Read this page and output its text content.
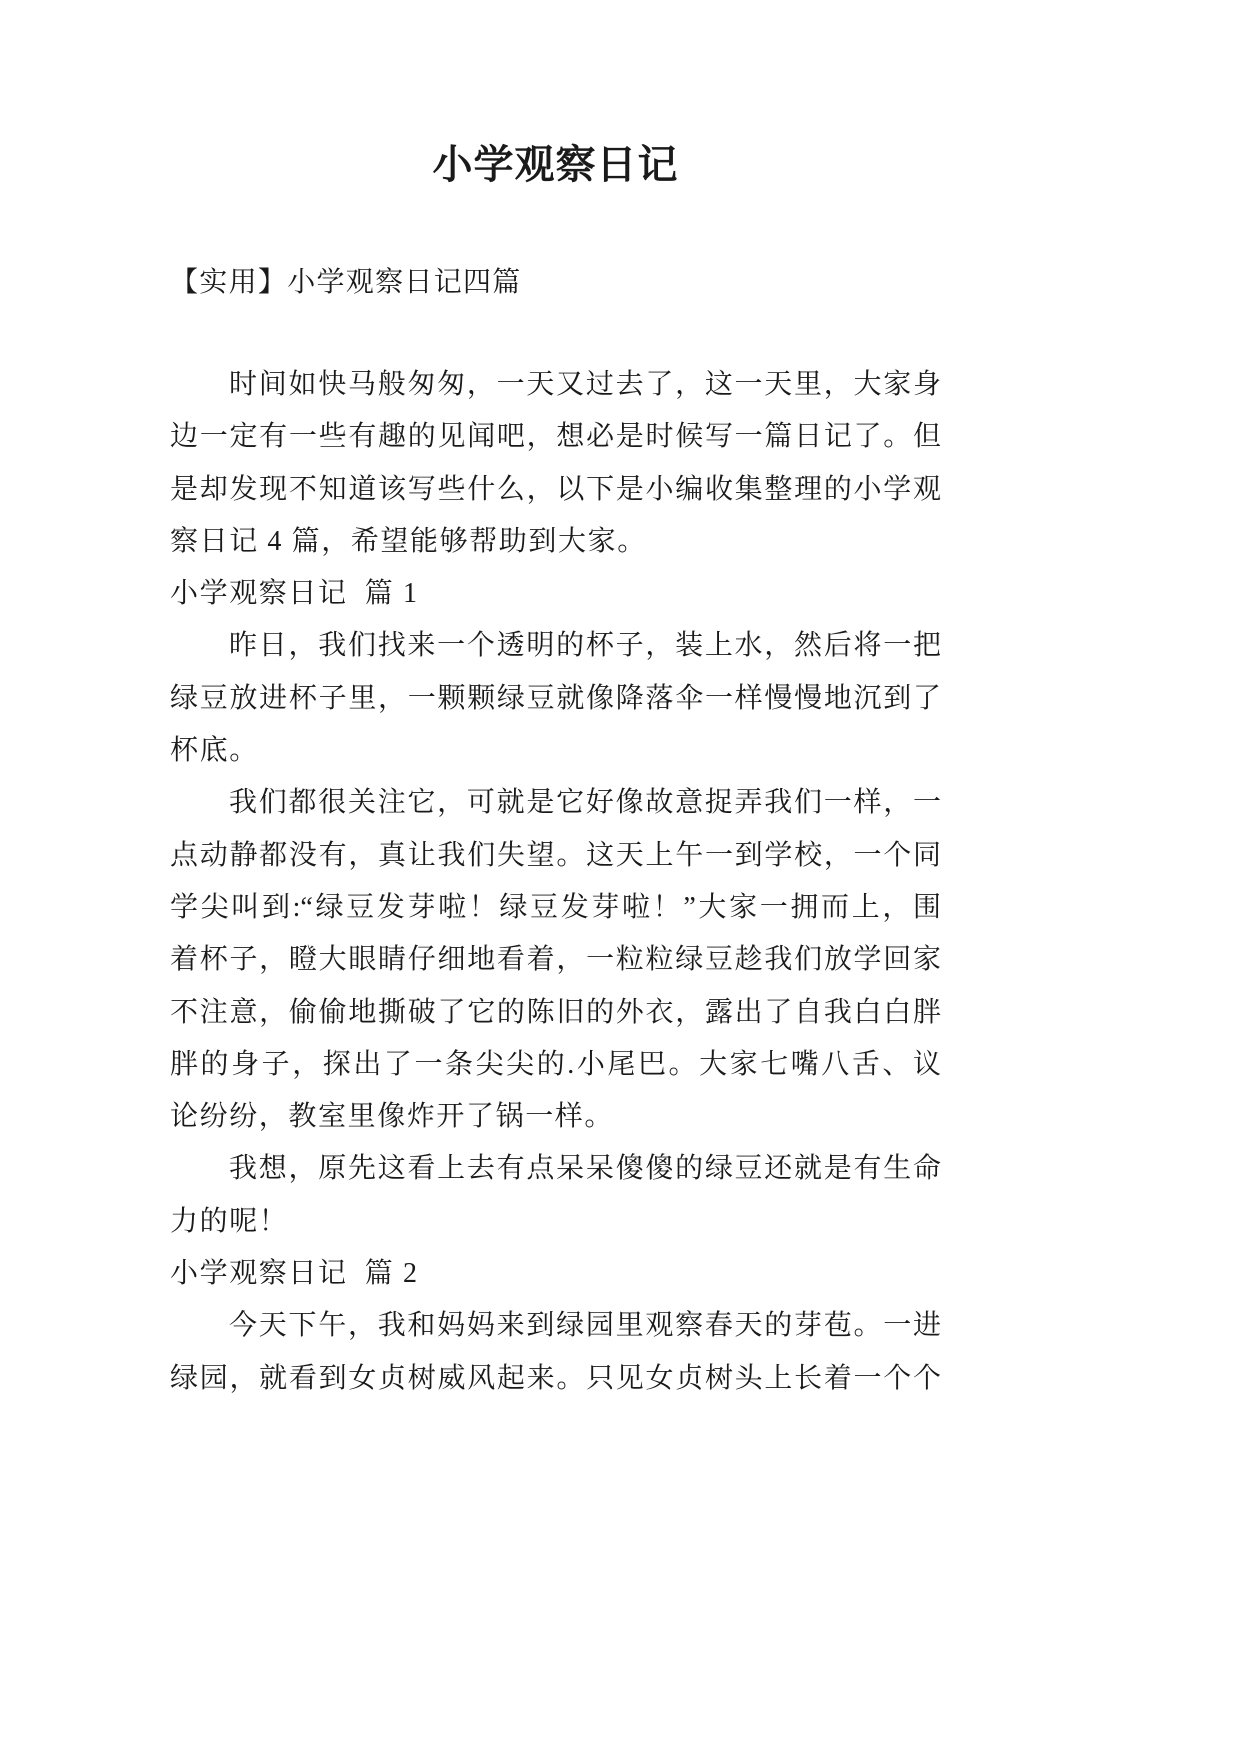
小学观察日记
【实用】小学观察日记四篇
时间如快马般匆匆，一天又过去了，这一天里，大家身
边一定有一些有趣的见闻吧，想必是时候写一篇日记了。但
是却发现不知道该写些什么，以下是小编收集整理的小学观
察日记 4 篇，希望能够帮助到大家。
小学观察日记  篇 1
昨日，我们找来一个透明的杯子，装上水，然后将一把
绿豆放进杯子里，一颗颗绿豆就像降落伞一样慢慢地沉到了
杯底。
我们都很关注它，可就是它好像故意捉弄我们一样，一
点动静都没有，真让我们失望。这天上午一到学校，一个同
学尖叫到:“绿豆发芽啦！绿豆发芽啦！”大家一拥而上，围
着杯子，瞪大眼睛仔细地看着，一粒粒绿豆趁我们放学回家
不注意，偷偷地撕破了它的陈旧的外衣，露出了自我白白胖
胖的身子，探出了一条尖尖的.小尾巴。大家七嘴八舌、议
论纷纷，教室里像炸开了锅一样。
我想，原先这看上去有点呆呆傻傻的绿豆还就是有生命
力的呢！
小学观察日记  篇 2
今天下午，我和妈妈来到绿园里观察春天的芽苞。一进
绿园，就看到女贞树威风起来。只见女贞树头上长着一个个
